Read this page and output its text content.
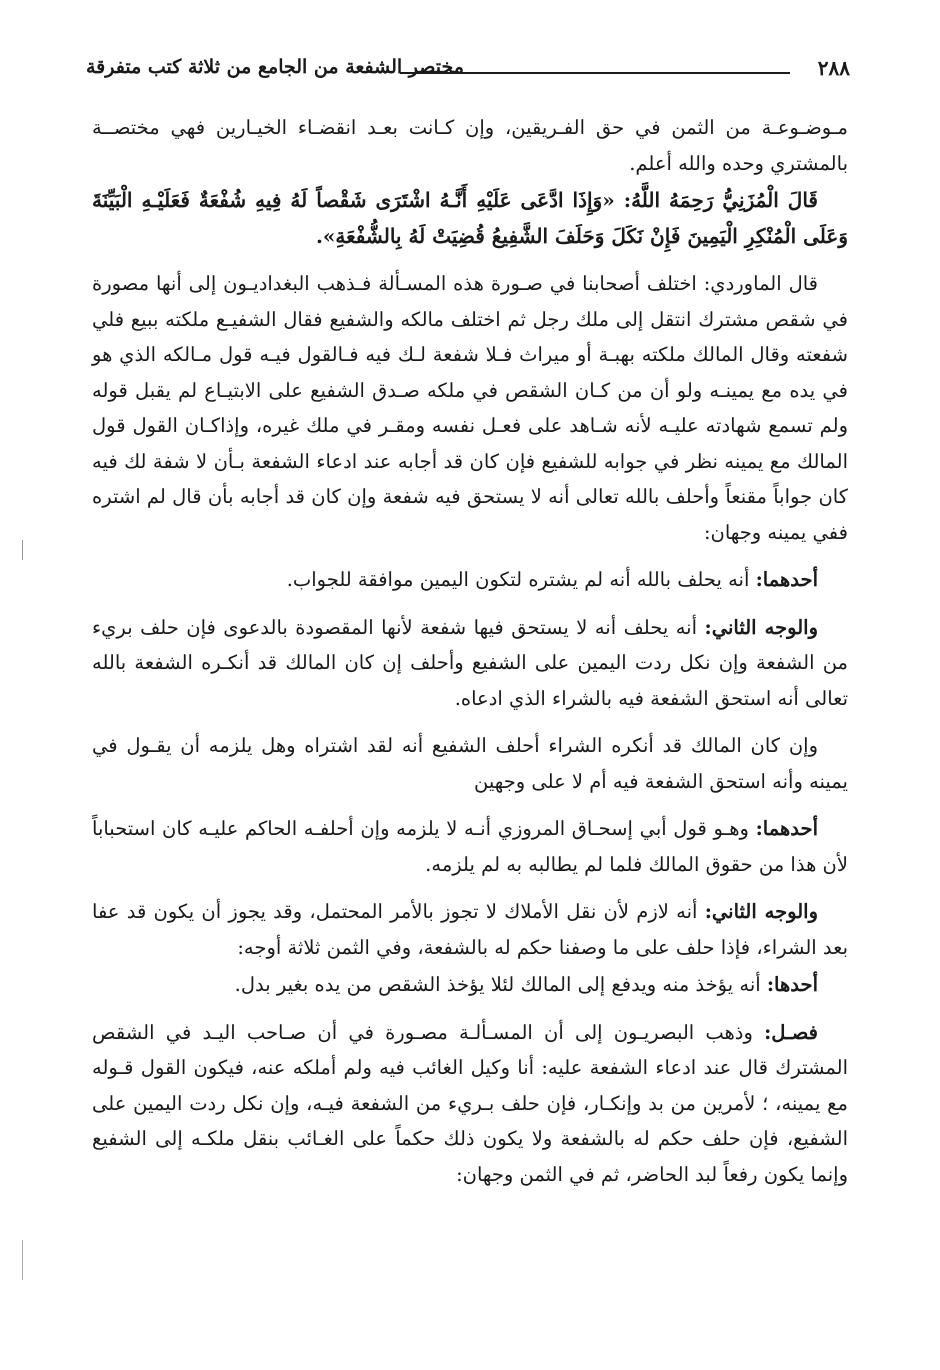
٢٨٨
مختصر الشفعة من الجامع من ثلاثة كتب متفرقة

مـوضـوعـة من الثمن في حق الفـريقين، وإن كـانت بعـد انقضـاء الخيـارين فهي مختصــة بالمشتري وحده والله أعلم.

قَالَ الْمُزَنِيُّ رَحِمَهُ اللَّهُ: «وَإِذَا ادَّعَى عَلَيْهِ أَنَّـهُ اشْتَرَى شَقْصاً لَهُ فِيهِ شُفْعَةٌ فَعَلَيْـهِ الْبَيِّنَةَ وَعَلَى الْمُنْكِرِ الْيَمِينَ فَإِنْ نَكَلَ وَحَلَفَ الشَّفِيعُ قُضِيَتْ لَهُ بِالشُّفْعَةِ».

قال الماوردي: اختلف أصحابنا في صـورة هذه المسـألة فـذهب البغداديـون إلى أنها مصورة في شقص مشترك انتقل إلى ملك رجل ثم اختلف مالكه والشفيع فقال الشفيـع ملكته ببيع فلي شفعته وقال المالك ملكته بهبـة أو ميراث فـلا شفعة لـك فيه فـالقول فيـه قول مـالكه الذي هو في يده مع يمينـه ولو أن من كـان الشقص في ملكه صـدق الشفيع على الابتيـاع لم يقبل قوله ولم تسمع شهادته عليـه لأنه شـاهد على فعـل نفسه ومقـر في ملك غيره، وإذاكـان القول قول المالك مع يمينه نظر في جوابه للشفيع فإن كان قد أجابه عند ادعاء الشفعة بـأن لا شفة لك فيه كان جواباً مقنعاً وأحلف بالله تعالى أنه لا يستحق فيه شفعة وإن كان قد أجابه بأن قال لم اشتره ففي يمينه وجهان:

أحدهما: أنه يحلف بالله أنه لم يشتره لتكون اليمين موافقة للجواب.

والوجه الثاني: أنه يحلف أنه لا يستحق فيها شفعة لأنها المقصودة بالدعوى فإن حلف بريء من الشفعة وإن نكل ردت اليمين على الشفيع وأحلف إن كان المالك قد أنكـره الشفعة بالله تعالى أنه استحق الشفعة فيه بالشراء الذي ادعاه.

وإن كان المالك قد أنكره الشراء أحلف الشفيع أنه لقد اشتراه وهل يلزمه أن يقـول في يمينه وأنه استحق الشفعة فيه أم لا على وجهين

أحدهما: وهـو قول أبي إسحـاق المروزي أنـه لا يلزمه وإن أحلفـه الحاكم عليـه كان استحباباً لأن هذا من حقوق المالك فلما لم يطالبه به لم يلزمه.

والوجه الثاني: أنه لازم لأن نقل الأملاك لا تجوز بالأمر المحتمل، وقد يجوز أن يكون قد عفا بعد الشراء، فإذا حلف على ما وصفنا حكم له بالشفعة، وفي الثمن ثلاثة أوجه:

أحدها: أنه يؤخذ منه ويدفع إلى المالك لئلا يؤخذ الشقص من يده بغير بدل.

فصـل: وذهب البصريـون إلى أن المسـألـة مصـورة في أن صـاحب اليـد في الشقص المشترك قال عند ادعاء الشفعة عليه: أنا وكيل الغائب فيه ولم أملكه عنه، فيكون القول قـوله مع يمينه، ؛ لأمرين من بد وإنكـار، فإن حلف بـريء من الشفعة فيـه، وإن نكل ردت اليمين على الشفيع، فإن حلف حكم له بالشفعة ولا يكون ذلك حكماً على الغـائب بنقل ملكـه إلى الشفيع وإنما يكون رفعاً لبد الحاضر، ثم في الثمن وجهان:
